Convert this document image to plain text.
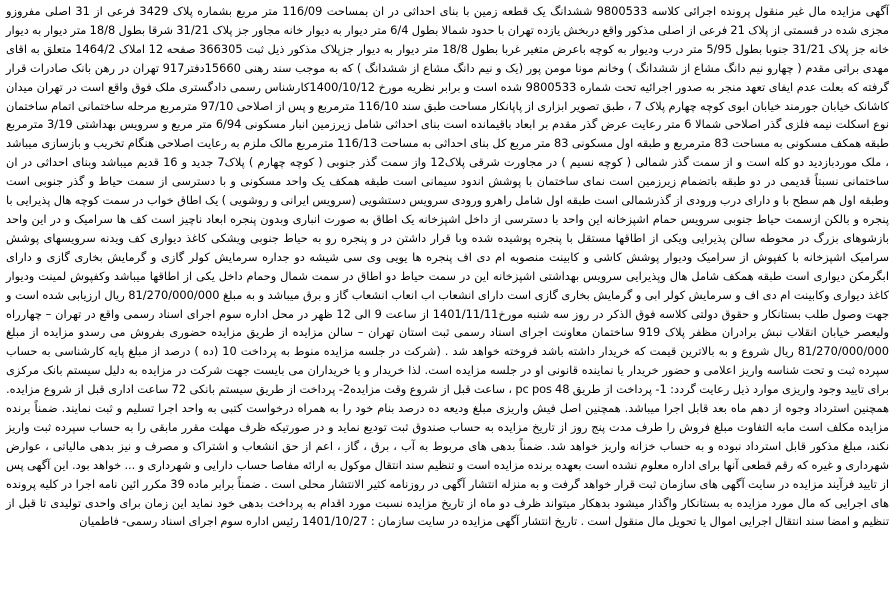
آگهی مزایده مال غیر منقول پرونده اجرائی کلاسه 9800533 ششدانگ یک قطعه زمین با بنای احداثی در ان بمساحت 116/09 متر مربع بشماره پلاک 3429 فرعی از 31 اصلی مفروزو مجزی شده در قسمتی از پلاک 21 فرعی از اصلی مذکور واقع دربخش یازده تهران با حدود شمالا بطول 6/4 متر دیوار به دیوار خانه مجاور جز پلاک 31/21 شرقا بطول 18/8 متر دیوار به دیوار خانه جز پلاک 31/21 جنوبا بطول 5/95 متر درب ودیوار به کوچه باعرض متغیر غربا بطول 18/8 متر دیوار به دیوار جزپلاک مذکور ذیل ثبت 366305 صفحه 12 املاک 1464/2 متعلق به اقای مهدی براتی مقدم ( چهارو نیم دانگ مشاع از ششدانگ ) وخانم مونا مومن پور (یک و نیم دانگ مشاع از ششدانگ ) که به موجب سند رهنی 15660دفتر917 تهران در رهن بانک صادرات قرار گرفته که بعلت عدم ایفای تعهد منجر به صدور اجرائیه تحت شماره 9800533 شده است و برابر نظریه مورخ 1400/10/12کارشناس رسمی دادگستری ملک فوق واقع است در تهران میدان کاشانک خیابان جورمند خیابان ابوی کوچه چهارم پلاک 7 ، طبق تصویر ابزاری از پاپانکار مساحت طبق سند 116/10 مترمربع و پس از اصلاحی 97/10 مترمربع مرحله ساختمانی اتمام ساختمان نوع اسکلت نیمه فلزی گذر اصلاحی شمالا 6 متر رعایت عرض گذر مقدم بر ابعاد باقیمانده است بنای احداثی شامل زیرزمین انبار مسکونی 6/94 متر مربع و سرویس بهداشتی 3/19 مترمربع طبقه همکف مسکونی به مساحت 83 مترمربع و طبقه اول مسکونی 83 متر مربع کل بنای احداثی به مساحت 116/13 مترمربع مالک ملزم به رعایت اصلاحی هنگام تخریب و بازسازی میباشد ، ملک موردبازدید دو کله است و از سمت گذر شمالی ( کوچه نسیم ) در مجاورت شرقی پلاک12 واز سمت گذر جنوبی ( کوچه چهارم ) پلاک7 جدید و 16 قدیم میباشد وبنای احداثی در ان ساختمانی نسبتاً قدیمی در دو طبقه باتضمام زیرزمین است نمای ساختمان با پوشش اندود سیمانی است طبقه همکف یک واحد مسکونی و با دسترسی از سمت حیاط و گذر جنوبی است وطبقه اول هم سطح با و دارای درب ورودی از گذرشمالی است طبقه اول شامل راهرو ورودی سرویس دستشویی (سرویس ایرانی و روشویی ) یک اطاق خواب در سمت کوچه هال پذیرایی با پنجره و بالکن ازسمت حیاط جنوبی سرویس حمام اشپزخانه این واحد با دسترسی از داخل اشپزخانه یک اطاق به صورت انباری وبدون پنجره ابعاد ناچیز است کف ها سرامیک و در این واحد بازشوهای بزرگ در محوطه سالن پذیرایی ویکی از اطاقها مستقل با پنجره پوشیده شده وبا قرار داشتن در و پنجره رو به حیاط جنوبی ویشکی کاغذ دیواری کف ویدنه سرویسهای پوشش سرامیک اشپزخانه با کفپوش از سرامیک ودیوار پوشش کاشی و کابینت منصوبه ام دی اف پنجره ها یویی وی سی شیشه دو جداره سرمایش کولر گازی و گرمایش بخاری گازی و دارای ابگرمکن دیواری است طبقه همکف شامل هال وپذیرایی سرویس بهداشتی اشپزخانه این در سمت حیاط دو اطاق در سمت شمال وحمام داخل یکی از اطاقها میباشد وکفپوش لمینت ودیوار کاغذ دیواری وکابینت ام دی اف و سرمایش کولر ابی و گرمایش بخاری گازی است دارای انشعاب اب انعاب انشعاب گاز و برق میباشد و به مبلغ 81/270/000/000 ریال ارزیابی شده است و جهت وصول طلب بستانکار و حقوق دولتی کلاسه فوق الذکر در روز سه شنبه مورخ1401/11/11 از ساعت 9 الی 12 ظهر در محل اداره سوم اجرای اسناد رسمی واقع در تهران – چهارراه ولیعصر خیابان انقلاب نبش برادران مظفر پلاک 919 ساختمان معاونت اجرای اسناد رسمی ثبت استان تهران – سالن مزایده از طریق مزایده حضوری بفروش می رسدو مزایده از مبلغ 81/270/000/000 ریال شروع و به بالاترین قیمت که خریدار داشته باشد فروخته خواهد شد . (شرکت در جلسه مزایده منوط به پرداخت 10 (ده ) درصد از مبلغ پایه کارشناسی به حساب سپرده ثبت و تحت شناسه واریز اعلامی و حضور خریدار یا نماینده قانونی او در جلسه مزایده است. لذا خریدار و یا خریداران می بایست جهت شرکت در مزایده به دلیل سیستم بانک مرکزی برای تایید وجود واریزی موارد ذیل رعایت گردد: 1- پرداخت از طریق pc pos 48 ، ساعت قبل از شروع وقت مزایده2- پرداخت از طریق سیستم بانکی 72 ساعت اداری قبل از شروع مزایده. همچنین استرداد وجوه از دهم ماه بعد قابل اجرا میباشد. همچنین اصل فیش واریزی مبلغ ودیعه ده درصد بنام خود را به همراه درخواست کتبی به واحد اجرا تسلیم و ثبت نمایند. ضمناً برنده مزایده مکلف است مابه التفاوت مبلغ فروش را طرف مدت پنج روز از تاریخ مزایده به حساب صندوق ثبت تودیع نماید و در صورتیکه ظرف مهلت مقرر مابقی را به حساب سپرده ثبت واریز نکند، مبلغ مذکور قابل استرداد نبوده و به حساب خزانه واریز خواهد شد. ضمناً بدهی های مربوط به آب ، برق ، گاز ، اعم از حق انشعاب و اشتراک و مصرف و نیز بدهی مالیاتی ، عوارض شهرداری و غیره که رقم قطعی آنها برای اداره معلوم نشده است بعهده برنده مزایده است و تنظیم سند انتقال موکول به ارائه مفاصا حساب دارایی و شهرداری و ... خواهد بود. این آگهی پس از تایید فرآیند مزایده در سایت آگهی های سازمان ثبت قرار خواهد گرفت و به منزله انتشار آگهی در روزنامه کثیر الانتشار محلی است . ضمناً برابر ماده 39 مکرر ائین نامه اجرا در کلیه پرونده های اجرایی که مال مورد مزایده به بستانکار واگذار میشود بدهکار میتواند ظرف دو ماه از تاریخ مزایده نسبت مورد اقدام به پرداخت بدهی خود نماید این زمان برای واحدی تولیدی تا قبل از تنظیم و امضا سند انتقال اجرایی اموال یا تحویل مال منقول است . تاریخ انتشار آگهی مزایده در سایت سازمان : 1401/10/27 رئیس اداره سوم اجرای اسناد رسمی- فاطمیان
